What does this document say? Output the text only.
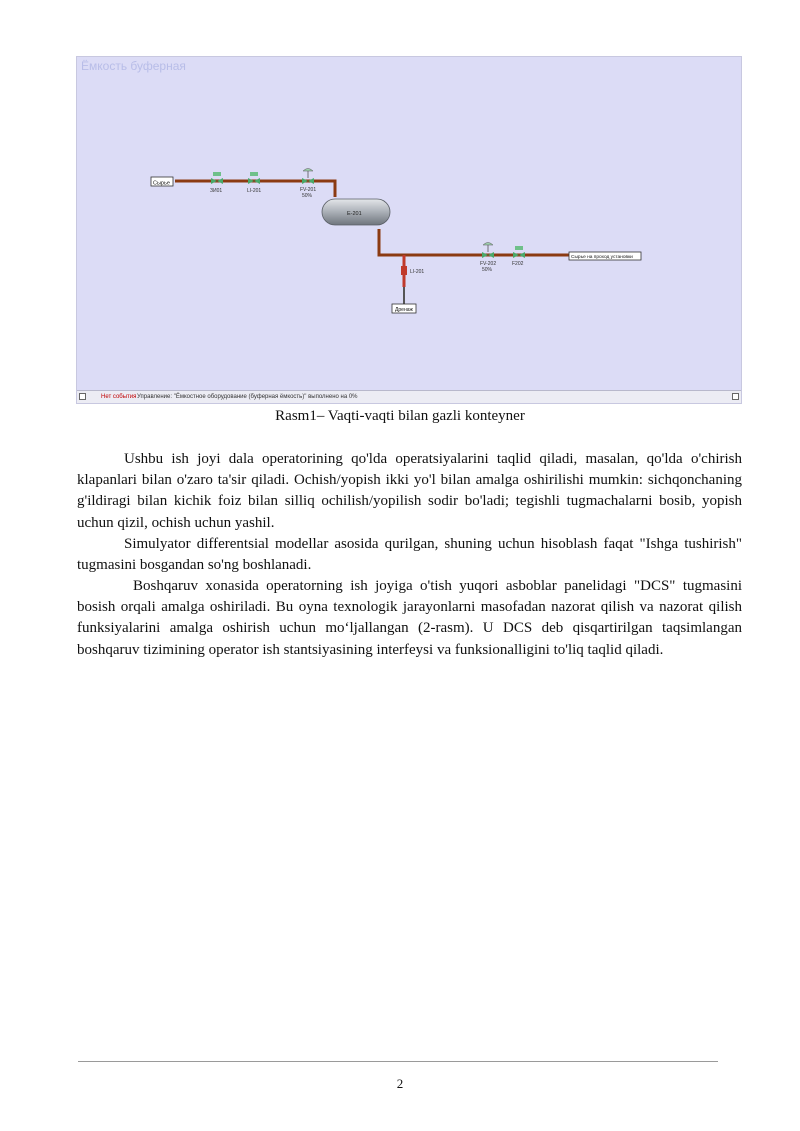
Ёмкость буферная
Сырье
ЗИ01	LI-201	FV-201
50%
Е-201
LI-201
Дренаж
FV-202
50%
F202
Сырье на проход установки
Нет события Управление: "Ёмкостное оборудование (буферная ёмкость)" выполнено на 0%
Rasm1– Vaqti-vaqti bilan gazli konteyner

Ushbu ish joyi dala operatorining qo'lda operatsiyalarini taqlid qiladi, masalan, qo'lda o'chirish klapanlari bilan o'zaro ta'sir qiladi. Ochish/yopish ikki yo'l bilan amalga oshirilishi mumkin: sichqonchaning g'ildiragi bilan kichik foiz bilan silliq ochilish/yopilish sodir bo'ladi; tegishli tugmachalarni bosib, yopish uchun qizil, ochish uchun yashil.

Simulyator differentsial modellar asosida qurilgan, shuning uchun hisoblash faqat "Ishga tushirish" tugmasini bosgandan so'ng boshlanadi.

Boshqaruv xonasida operatorning ish joyiga o'tish yuqori asboblar panelidagi "DCS" tugmasini bosish orqali amalga oshiriladi. Bu oyna texnologik jarayonlarni masofadan nazorat qilish va nazorat qilish funksiyalarini amalga oshirish uchun moʻljallangan (2-rasm). U DCS deb qisqartirilgan taqsimlangan boshqaruv tizimining operator ish stantsiyasining interfeysi va funksionalligini to'liq taqlid qiladi.

2
